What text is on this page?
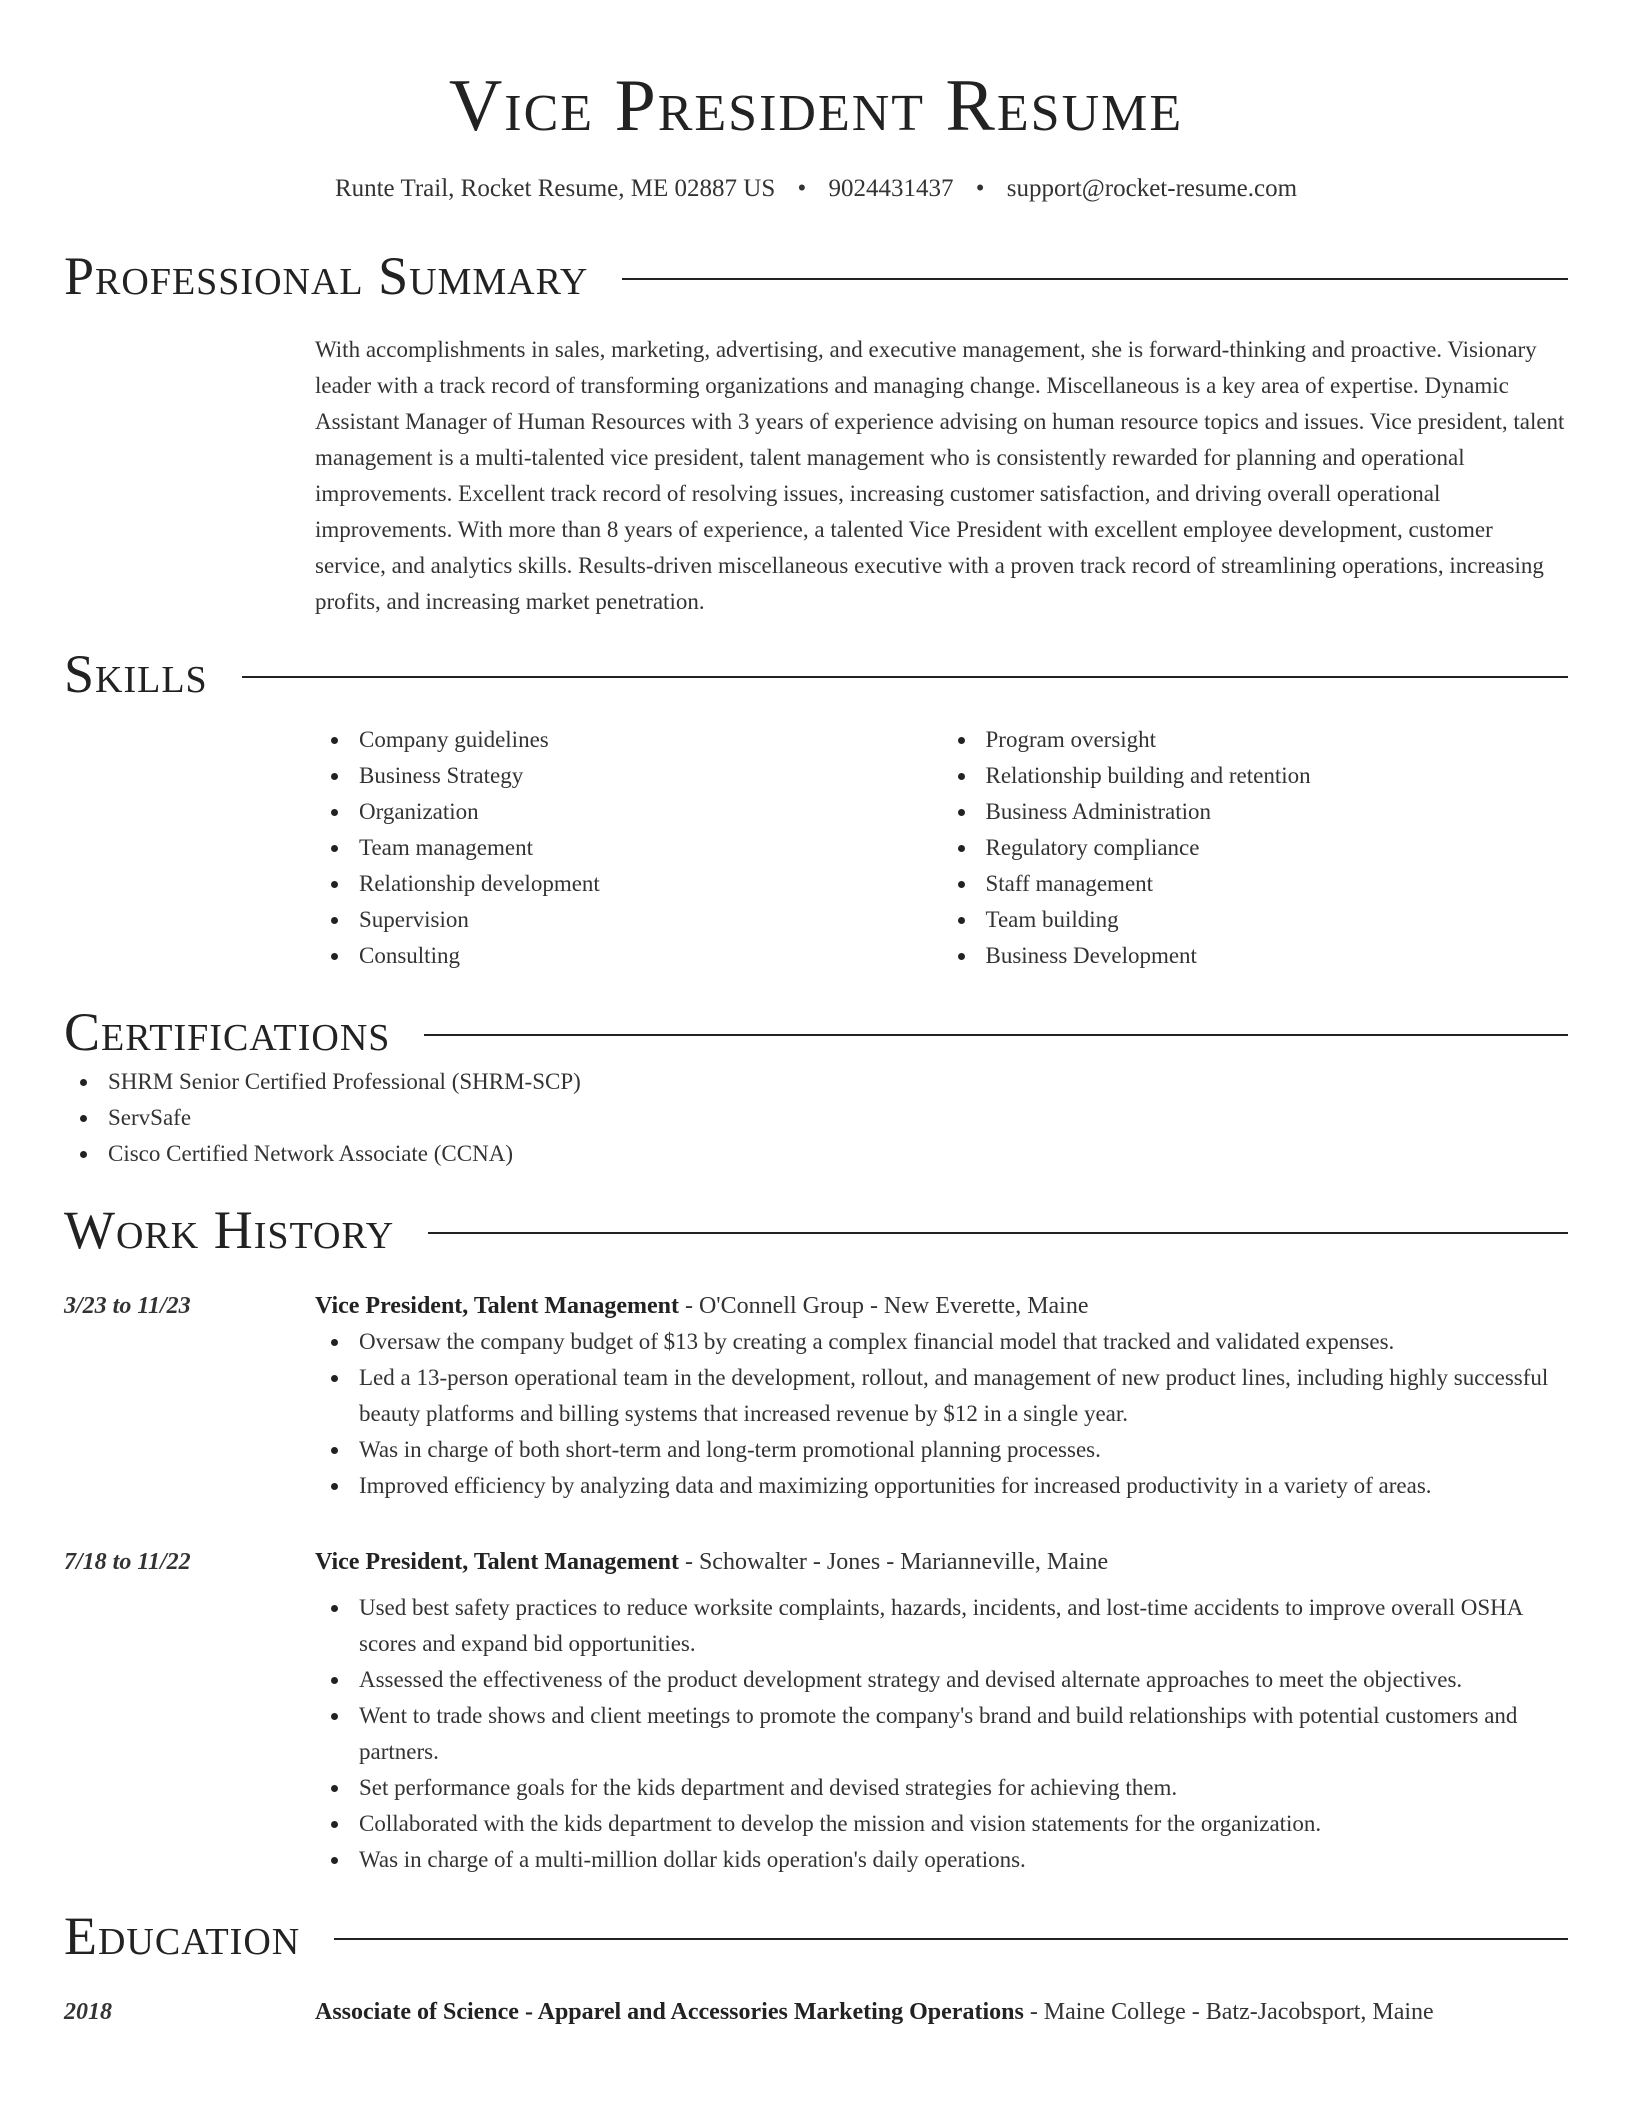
Vice President Resume
Runte Trail, Rocket Resume, ME 02887 US • 9024431437 • support@rocket-resume.com
Professional Summary
With accomplishments in sales, marketing, advertising, and executive management, she is forward-thinking and proactive. Visionary leader with a track record of transforming organizations and managing change. Miscellaneous is a key area of expertise. Dynamic Assistant Manager of Human Resources with 3 years of experience advising on human resource topics and issues. Vice president, talent management is a multi-talented vice president, talent management who is consistently rewarded for planning and operational improvements. Excellent track record of resolving issues, increasing customer satisfaction, and driving overall operational improvements. With more than 8 years of experience, a talented Vice President with excellent employee development, customer service, and analytics skills. Results-driven miscellaneous executive with a proven track record of streamlining operations, increasing profits, and increasing market penetration.
Skills
Company guidelines
Business Strategy
Organization
Team management
Relationship development
Supervision
Consulting
Program oversight
Relationship building and retention
Business Administration
Regulatory compliance
Staff management
Team building
Business Development
Certifications
SHRM Senior Certified Professional (SHRM-SCP)
ServSafe
Cisco Certified Network Associate (CCNA)
Work History
3/23 to 11/23	Vice President, Talent Management - O'Connell Group - New Everette, Maine
Oversaw the company budget of $13 by creating a complex financial model that tracked and validated expenses.
Led a 13-person operational team in the development, rollout, and management of new product lines, including highly successful beauty platforms and billing systems that increased revenue by $12 in a single year.
Was in charge of both short-term and long-term promotional planning processes.
Improved efficiency by analyzing data and maximizing opportunities for increased productivity in a variety of areas.
7/18 to 11/22	Vice President, Talent Management - Schowalter - Jones - Marianneville, Maine
Used best safety practices to reduce worksite complaints, hazards, incidents, and lost-time accidents to improve overall OSHA scores and expand bid opportunities.
Assessed the effectiveness of the product development strategy and devised alternate approaches to meet the objectives.
Went to trade shows and client meetings to promote the company's brand and build relationships with potential customers and partners.
Set performance goals for the kids department and devised strategies for achieving them.
Collaborated with the kids department to develop the mission and vision statements for the organization.
Was in charge of a multi-million dollar kids operation's daily operations.
Education
2018	Associate of Science - Apparel and Accessories Marketing Operations - Maine College - Batz-Jacobsport, Maine
